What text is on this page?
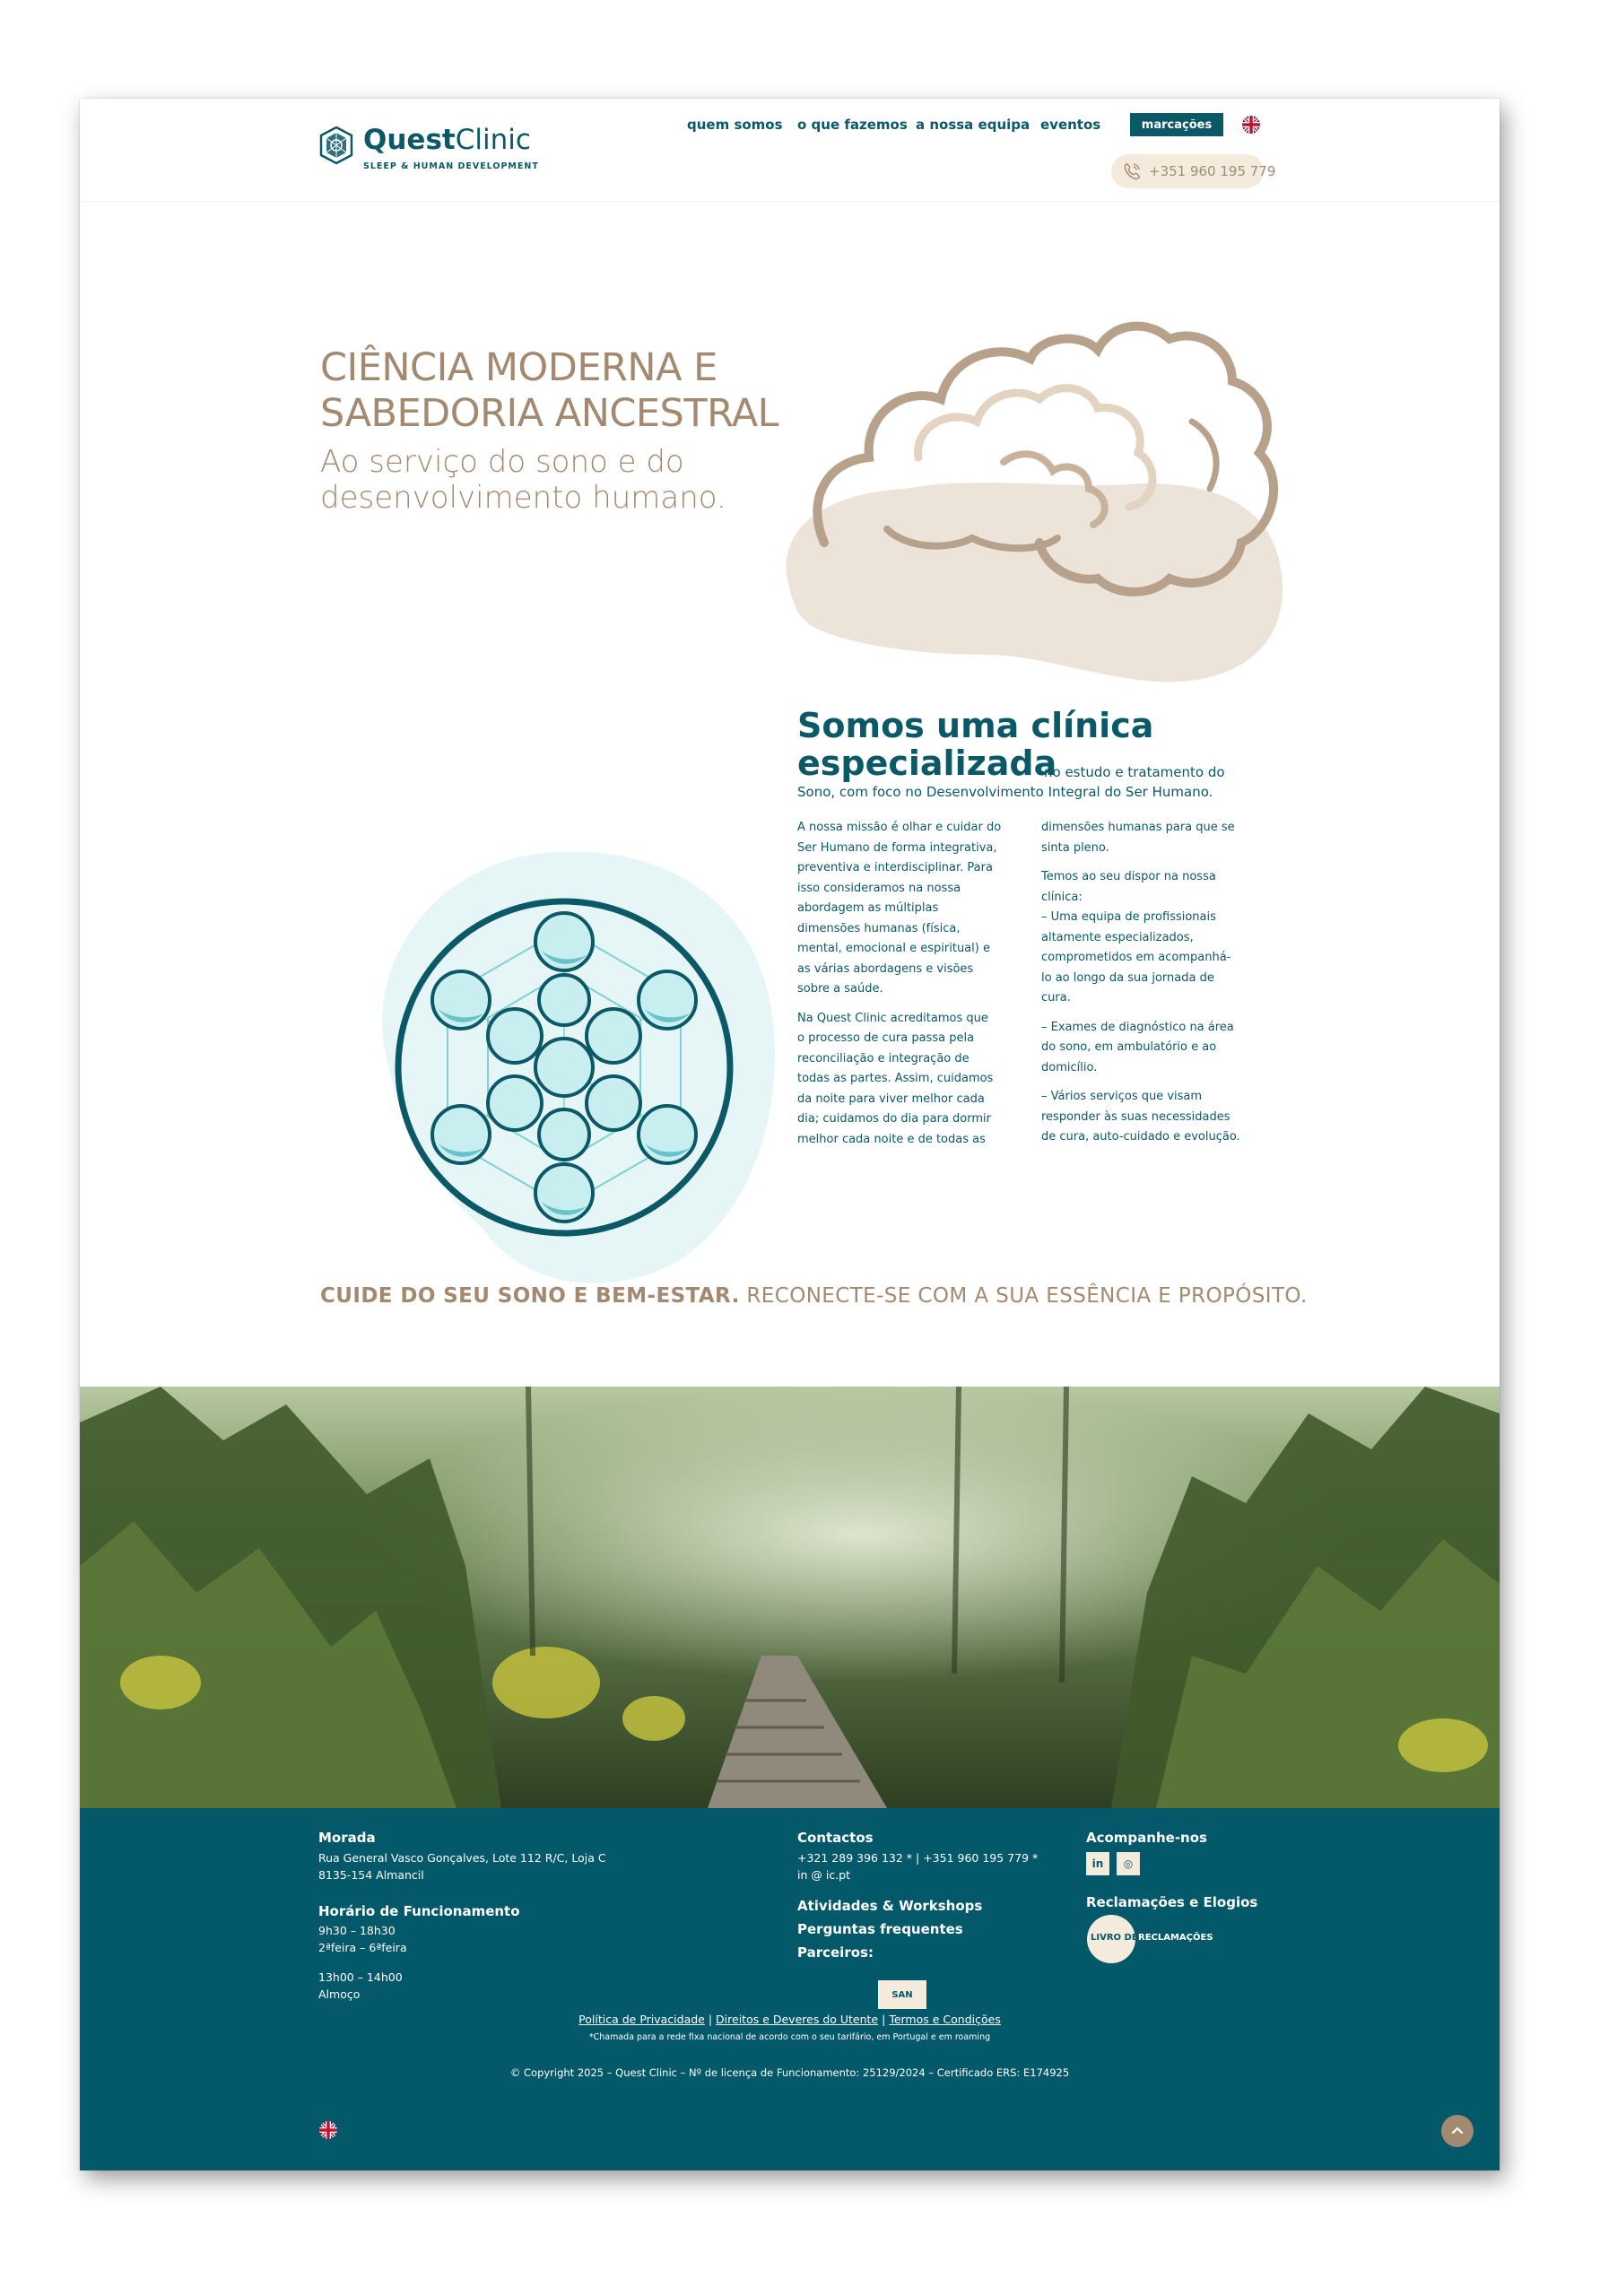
QuestClinic
SLEEP & HUMAN DEVELOPMENT
quem somos o que fazemos a nossa equipa eventos	marcações
+351 960 195 779
CIÊNCIA MODERNA E
SABEDORIA ANCESTRAL
Ao serviço do sono e do
desenvolvimento humano.
Somos uma clínica
especializada
no estudo e tratamento do
Sono, com foco no Desenvolvimento Integral do Ser Humano.

A nossa missão é olhar e cuidar do
Ser Humano de forma integrativa,
preventiva e interdisciplinar. Para
isso consideramos na nossa
abordagem as múltiplas
dimensões humanas (física,
mental, emocional e espiritual) e
as várias abordagens e visões
sobre a saúde.

Na Quest Clinic acreditamos que
o processo de cura passa pela
reconciliação e integração de
todas as partes. Assim, cuidamos
da noite para viver melhor cada
dia; cuidamos do dia para dormir
melhor cada noite e de todas as

dimensões humanas para que se
sinta pleno.

Temos ao seu dispor na nossa
clínica:
– Uma equipa de profissionais
altamente especializados,
comprometidos em acompanhá-
lo ao longo da sua jornada de
cura.

– Exames de diagnóstico na área
do sono, em ambulatório e ao
domicílio.

– Vários serviços que visam
responder às suas necessidades
de cura, auto-cuidado e evolução.

CUIDE DO SEU SONO E BEM-ESTAR. RECONECTE-SE COM A SUA ESSÊNCIA E PROPÓSITO.
Morada
Rua General Vasco Gonçalves, Lote 112 R/C, Loja C
8135-154 Almancil
Horário de Funcionamento
9h30 – 18h30
2ªfeira – 6ªfeira
13h00 – 14h00
Almoço
Contactos
+321 289 396 132 * | +351 960 195 779 *
in @ ic.pt
Atividades & Workshops
Perguntas frequentes
Parceiros:
SAN
Acompanhe-nos
in	◎
Reclamações e Elogios
LIVRO DE RECLAMAÇÕES
Política de Privacidade | Direitos e Deveres do Utente | Termos e Condições
*Chamada para a rede fixa nacional de acordo com o seu tarifário, em Portugal e em roaming
© Copyright 2025 – Quest Clinic – Nº de licença de Funcionamento: 25129/2024 – Certificado ERS: E174925
